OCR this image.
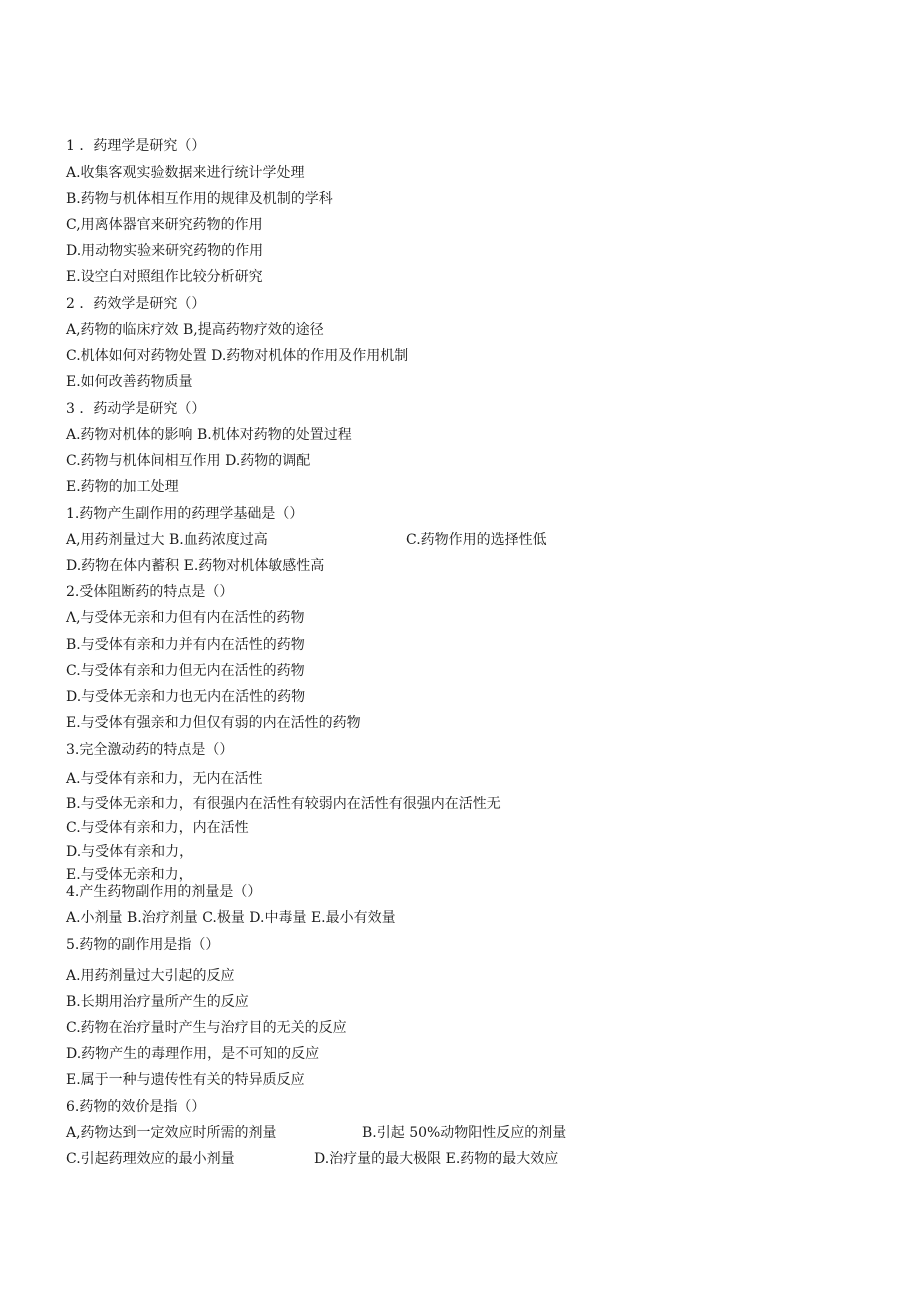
1 ．药理学是研究（）
A.收集客观实验数据来进行统计学处理
B.药物与机体相互作用的规律及机制的学科
C,用离体器官来研究药物的作用
D.用动物实验来研究药物的作用
E.设空白对照组作比较分析研究
2 ．药效学是研究（）
A,药物的临床疗效 B,提高药物疗效的途径
C.机体如何对药物处置 D.药物对机体的作用及作用机制
E.如何改善药物质量
3 ．药动学是研究（）
A.药物对机体的影响 B.机体对药物的处置过程
C.药物与机体间相互作用 D.药物的调配
E.药物的加工处理
1.药物产生副作用的药理学基础是（）
A,用药剂量过大 B.血药浓度过高	C.药物作用的选择性低
D.药物在体内蓄积 E.药物对机体敏感性高
2.受体阻断药的特点是（）
Λ,与受体无亲和力但有内在活性的药物
B.与受体有亲和力并有内在活性的药物
C.与受体有亲和力但无内在活性的药物
D.与受体无亲和力也无内在活性的药物
E.与受体有强亲和力但仅有弱的内在活性的药物
3.完全激动药的特点是（）
A.与受体有亲和力，无内在活性
B.与受体无亲和力，有很强内在活性有较弱内在活性有很强内在活性无
C.与受体有亲和力，内在活性
D.与受体有亲和力，
E.与受体无亲和力，
4.产生药物副作用的剂量是（）
A.小剂量 B.治疗剂量 C.极量 D.中毒量 E.最小有效量
5.药物的副作用是指（）
A.用药剂量过大引起的反应
B.长期用治疗量所产生的反应
C.药物在治疗量时产生与治疗目的无关的反应
D.药物产生的毒理作用，是不可知的反应
E.属于一种与遗传性有关的特异质反应
6.药物的效价是指（）
A,药物达到一定效应时所需的剂量	B.引起 50%动物阳性反应的剂量
C.引起药理效应的最小剂量	D.治疗量的最大极限 E.药物的最大效应
